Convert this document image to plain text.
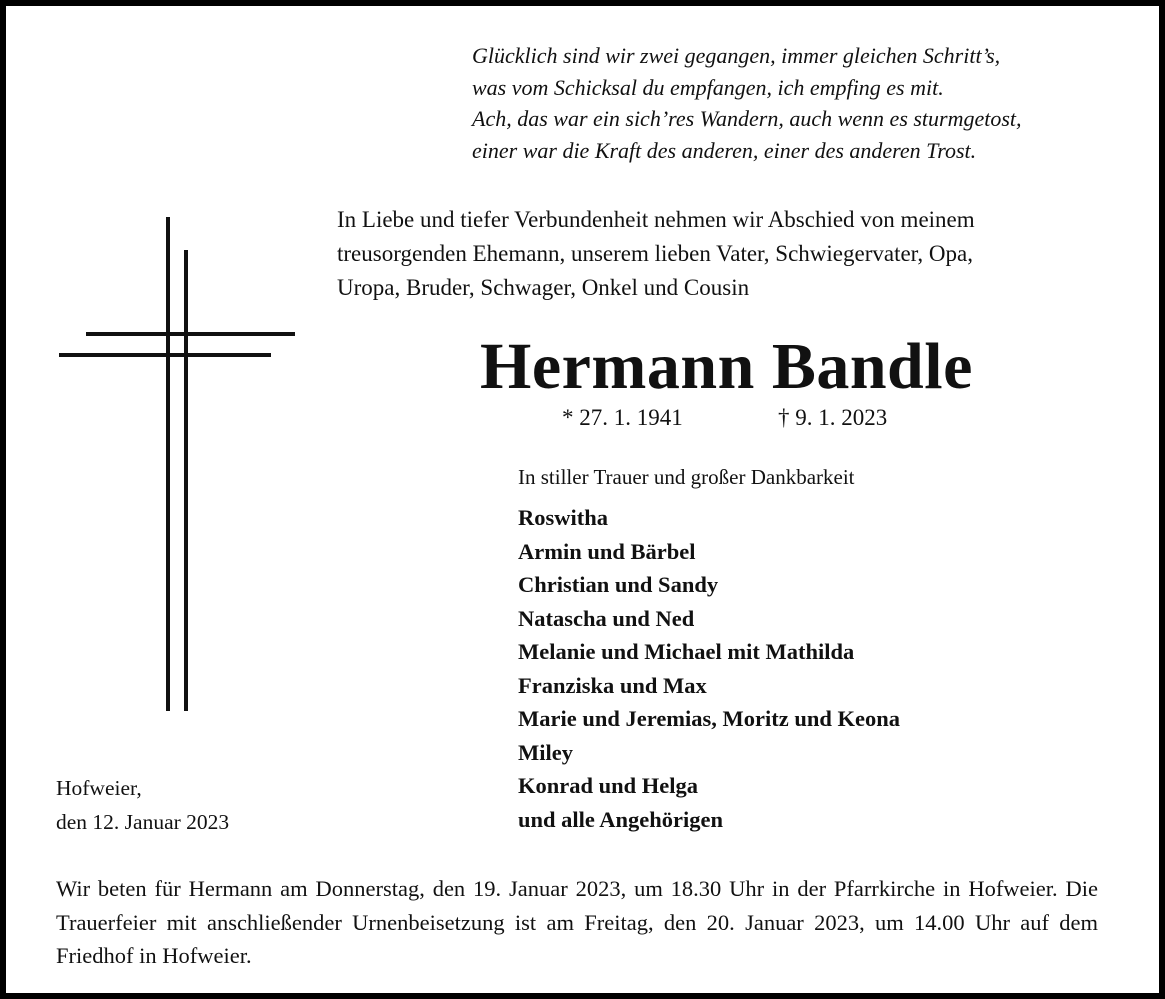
Glücklich sind wir zwei gegangen, immer gleichen Schritt’s,
was vom Schicksal du empfangen, ich empfing es mit.
Ach, das war ein sich’res Wandern, auch wenn es sturmgetost,
einer war die Kraft des anderen, einer des anderen Trost.
In Liebe und tiefer Verbundenheit nehmen wir Abschied von meinem
treusorgenden Ehemann, unserem lieben Vater, Schwiegervater, Opa,
Uropa, Bruder, Schwager, Onkel und Cousin
Hermann Bandle
* 27. 1. 1941	† 9. 1. 2023
In stiller Trauer und großer Dankbarkeit
Roswitha
Armin und Bärbel
Christian und Sandy
Natascha und Ned
Melanie und Michael mit Mathilda
Franziska und Max
Marie und Jeremias, Moritz und Keona
Miley
Konrad und Helga
und alle Angehörigen
Hofweier,
den 12. Januar 2023
Wir beten für Hermann am Donnerstag, den 19. Januar 2023, um 18.30 Uhr in der Pfarrkirche in Hofweier. Die Trauerfeier mit anschließender Urnenbeisetzung ist am Freitag, den 20. Januar 2023, um 14.00 Uhr auf dem Friedhof in Hofweier.
